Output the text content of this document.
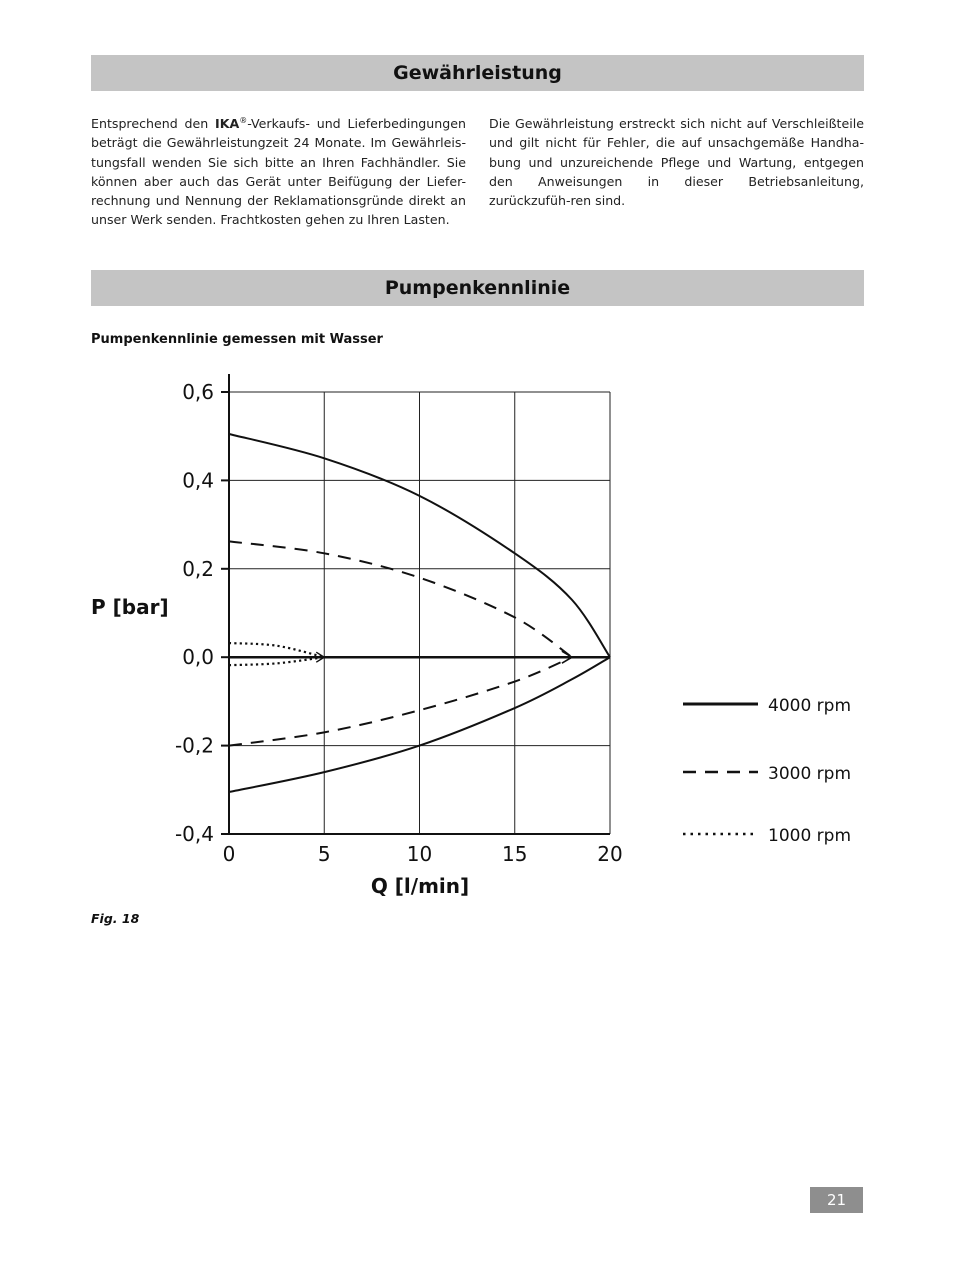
Gewährleistung
Entsprechend den IKA®-Verkaufs- und Lieferbedingungen beträgt die Gewährleistungzeit 24 Monate. Im Gewährleis-tungsfall wenden Sie sich bitte an Ihren Fachhändler. Sie können aber auch das Gerät unter Beifügung der Liefer-rechnung und Nennung der Reklamationsgründe direkt an unser Werk senden. Frachtkosten gehen zu Ihren Lasten.
Die Gewährleistung erstreckt sich nicht auf Verschleißteile und gilt nicht für Fehler, die auf unsachgemäße Handha-bung und unzureichende Pflege und Wartung, entgegen den Anweisungen in dieser Betriebsanleitung, zurückzufüh-ren sind.
Pumpenkennlinie
Pumpenkennlinie gemessen mit Wasser
0,6
0,4
0,2
0,0
-0,2
-0,4
0	5	10	15	20
P [bar]
Q [l/min]
4000 rpm
3000 rpm
1000 rpm
Fig. 18
21
